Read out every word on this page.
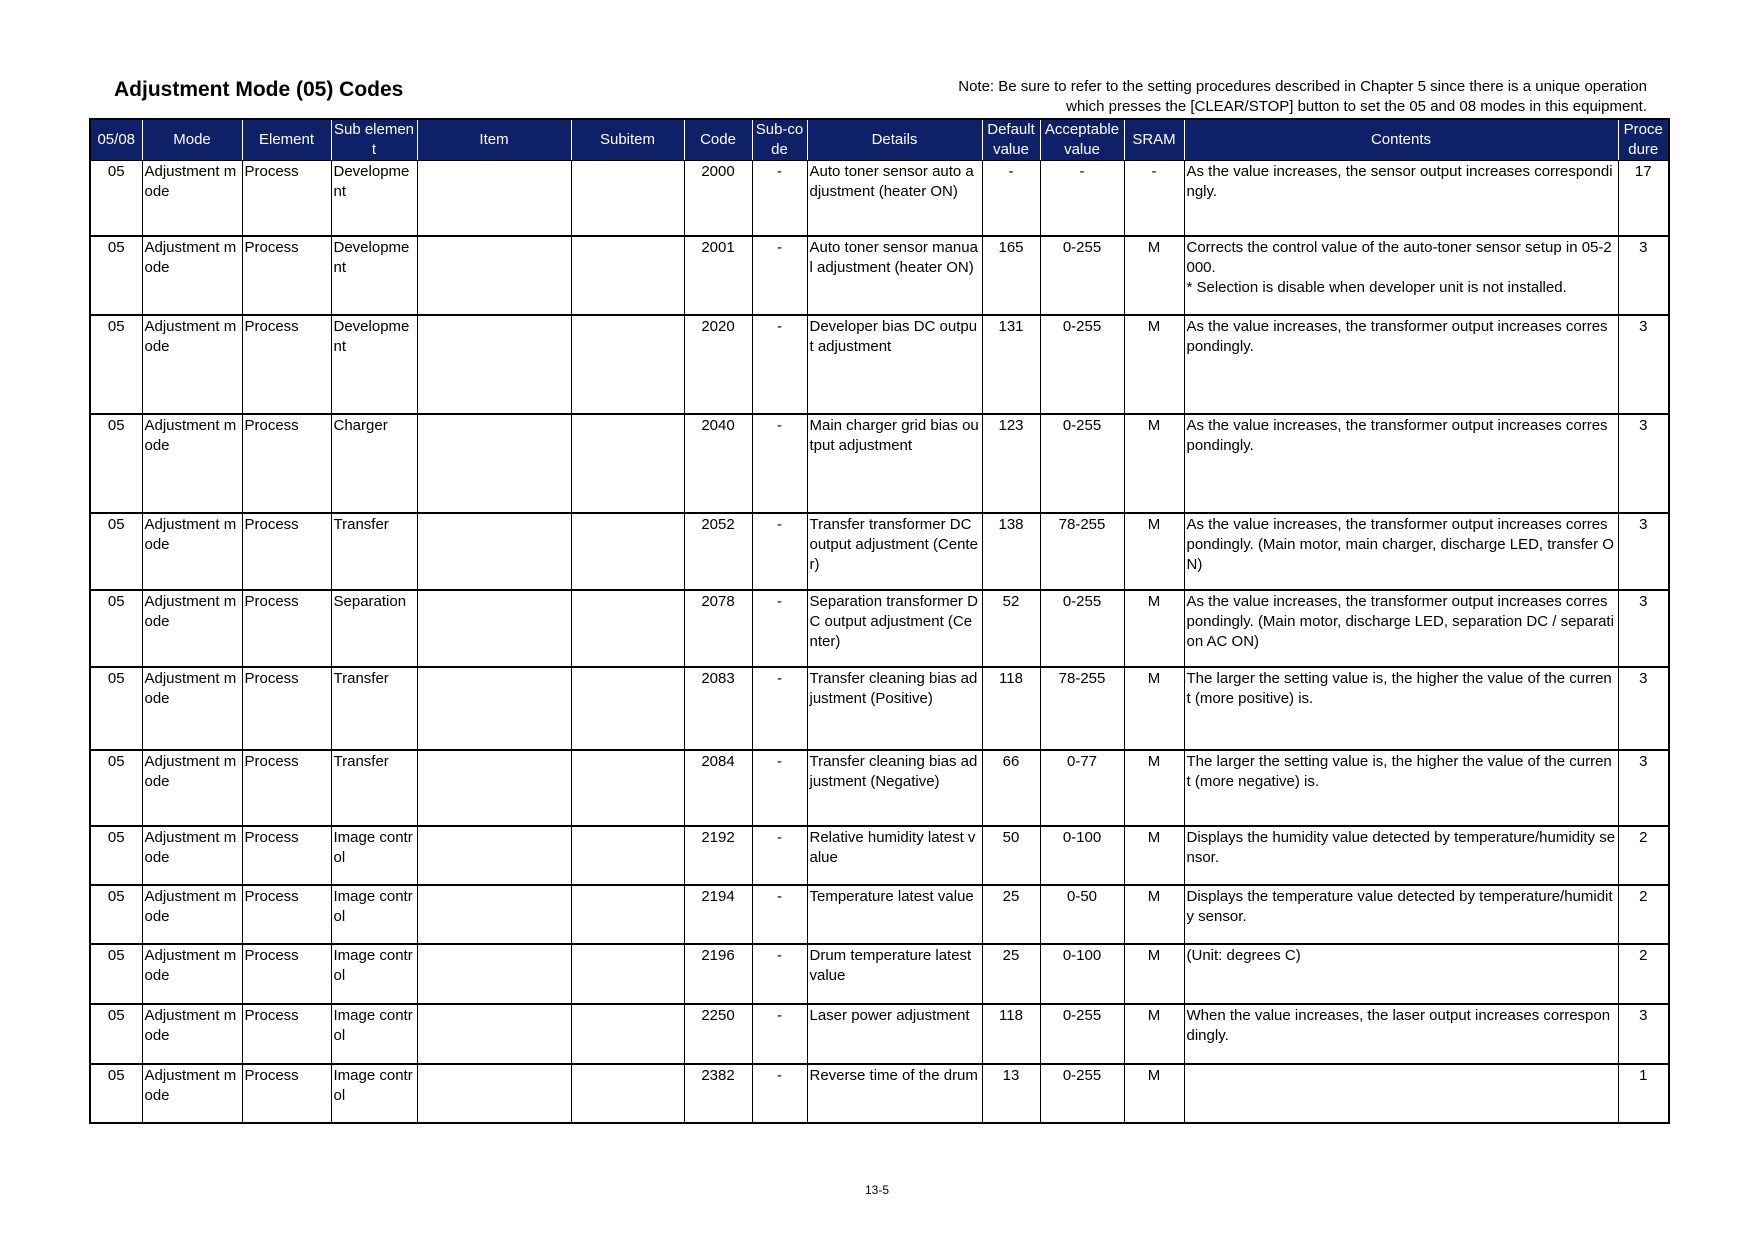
Adjustment Mode (05) Codes	Note: Be sure to refer to the setting procedures described in Chapter 5 since there is a unique operation
which presses the [CLEAR/STOP] button to set the 05 and 08 modes in this equipment.
05/08	Mode	Element	Sub element	Item	Subitem	Code	Sub-code	Details	Default value	Acceptable value	SRAM	Contents	Procedure
05	Adjustment mode	Process	Development			2000	-	Auto toner sensor auto adjustment (heater ON)	-	-	-	As the value increases, the sensor output increases correspondingly.	17
05	Adjustment mode	Process	Development			2001	-	Auto toner sensor manual adjustment (heater ON)	165	0-255	M	Corrects the control value of the auto-toner sensor setup in 05-2000.
* Selection is disable when developer unit is not installed.	3
05	Adjustment mode	Process	Development			2020	-	Developer bias DC output adjustment	131	0-255	M	As the value increases, the transformer output increases correspondingly.	3
05	Adjustment mode	Process	Charger			2040	-	Main charger grid bias output adjustment	123	0-255	M	As the value increases, the transformer output increases correspondingly.	3
05	Adjustment mode	Process	Transfer			2052	-	Transfer transformer DC output adjustment (Center)	138	78-255	M	As the value increases, the transformer output increases correspondingly. (Main motor, main charger, discharge LED, transfer ON)	3
05	Adjustment mode	Process	Separation			2078	-	Separation transformer DC output adjustment (Center)	52	0-255	M	As the value increases, the transformer output increases correspondingly. (Main motor, discharge LED, separation DC / separation AC ON)	3
05	Adjustment mode	Process	Transfer			2083	-	Transfer cleaning bias adjustment (Positive)	118	78-255	M	The larger the setting value is, the higher the value of the current (more positive) is.	3
05	Adjustment mode	Process	Transfer			2084	-	Transfer cleaning bias adjustment (Negative)	66	0-77	M	The larger the setting value is, the higher the value of the current (more negative) is.	3
05	Adjustment mode	Process	Image control			2192	-	Relative humidity latest value	50	0-100	M	Displays the humidity value detected by temperature/humidity sensor.	2
05	Adjustment mode	Process	Image control			2194	-	Temperature latest value	25	0-50	M	Displays the temperature value detected by temperature/humidity sensor.	2
05	Adjustment mode	Process	Image control			2196	-	Drum temperature latest value	25	0-100	M	(Unit: degrees C)	2
05	Adjustment mode	Process	Image control			2250	-	Laser power adjustment	118	0-255	M	When the value increases, the laser output increases correspondingly.	3
05	Adjustment mode	Process	Image control			2382	-	Reverse time of the drum	13	0-255	M		1
13-5
